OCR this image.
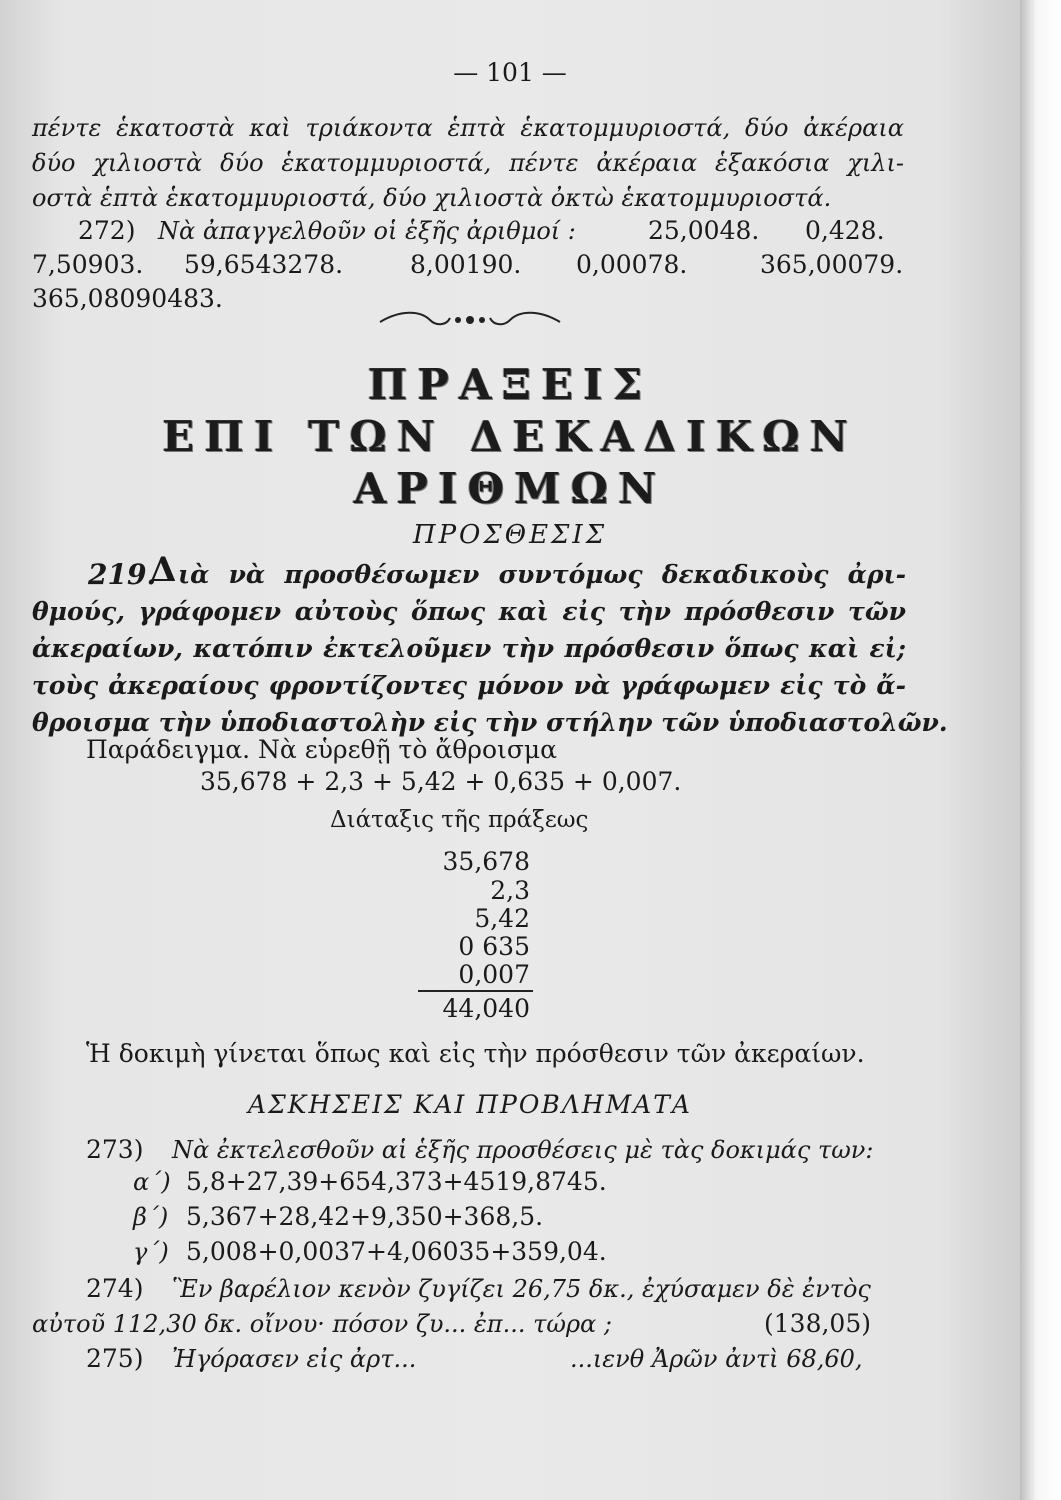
— 101 —
πέντε ἑκατοστὰ καὶ τριάκοντα ἑπτὰ ἑκατομμυριοστά, δύο ἀκέραια
δύο χιλιοστὰ δύο ἑκατομμυριοστά, πέντε ἀκέραια ἑξακόσια χιλι-
οστὰ ἑπτὰ ἑκατομμυριοστά, δύο χιλιοστὰ ὀκτὼ ἑκατομμυριοστά.
272) Νὰ ἀπαγγελθοῦν οἱ ἑξῆς ἀριθμοί :	25,0048. 0,428.
7,50903. 59,6543278.	8,00190. 0,00078.	365,00079.
365,08090483.
ΠΡΑΞΕΙΣ
ΕΠΙ ΤΩΝ ΔΕΚΑΔΙΚΩΝ
ΑΡΙΘΜΩΝ
ΠΡΟΣΘΕΣΙΣ
219.
Δ ιὰ νὰ προσθέσωμεν συντόμως δεκαδικοὺς ἀρι-
θμούς, γράφομεν αὐτοὺς ὅπως καὶ εἰς τὴν πρόσθεσιν τῶν
ἀκεραίων, κατόπιν ἐκτελοῦμεν τὴν πρόσθεσιν ὅπως καὶ εἰ;
τοὺς ἀκεραίους φροντίζοντες μόνον νὰ γράφωμεν εἰς τὸ ἄ-
θροισμα τὴν ὑποδιαστολὴν εἰς τὴν στήλην τῶν ὑποδιαστολῶν.
Παράδειγμα. Νὰ εὑρεθῇ τὸ ἄθροισμα
35,678 + 2,3 + 5,42 + 0,635 + 0,007.
Διάταξις τῆς πράξεως
35,678
2,3
5,42
0 635
0,007
44,040
Ἡ δοκιμὴ γίνεται ὅπως καὶ εἰς τὴν πρόσθεσιν τῶν ἀκεραίων.
ΑΣΚΗΣΕΙΣ ΚΑΙ ΠΡΟΒΛΗΜΑΤΑ
273) Νὰ ἐκτελεσθοῦν αἱ ἑξῆς προσθέσεις μὲ τὰς δοκιμάς των:
α΄) 5,8+27,39+654,373+4519,8745.
β΄) 5,367+28,42+9,350+368,5.
γ΄) 5,008+0,0037+4,06035+359,04.
274) Ἓν βαρέλιον κενὸν ζυγίζει 26,75 δκ., ἐχύσαμεν δὲ ἐντὸς
αὐτοῦ 112,30 δκ. οἴνου· πόσον ζυ... ἐπ... τώρα ;	(138,05)
275) Ἠγόρασεν εἰς ἀρτ...	...ιενθ Ἀρῶν ἀντὶ 68,60,
